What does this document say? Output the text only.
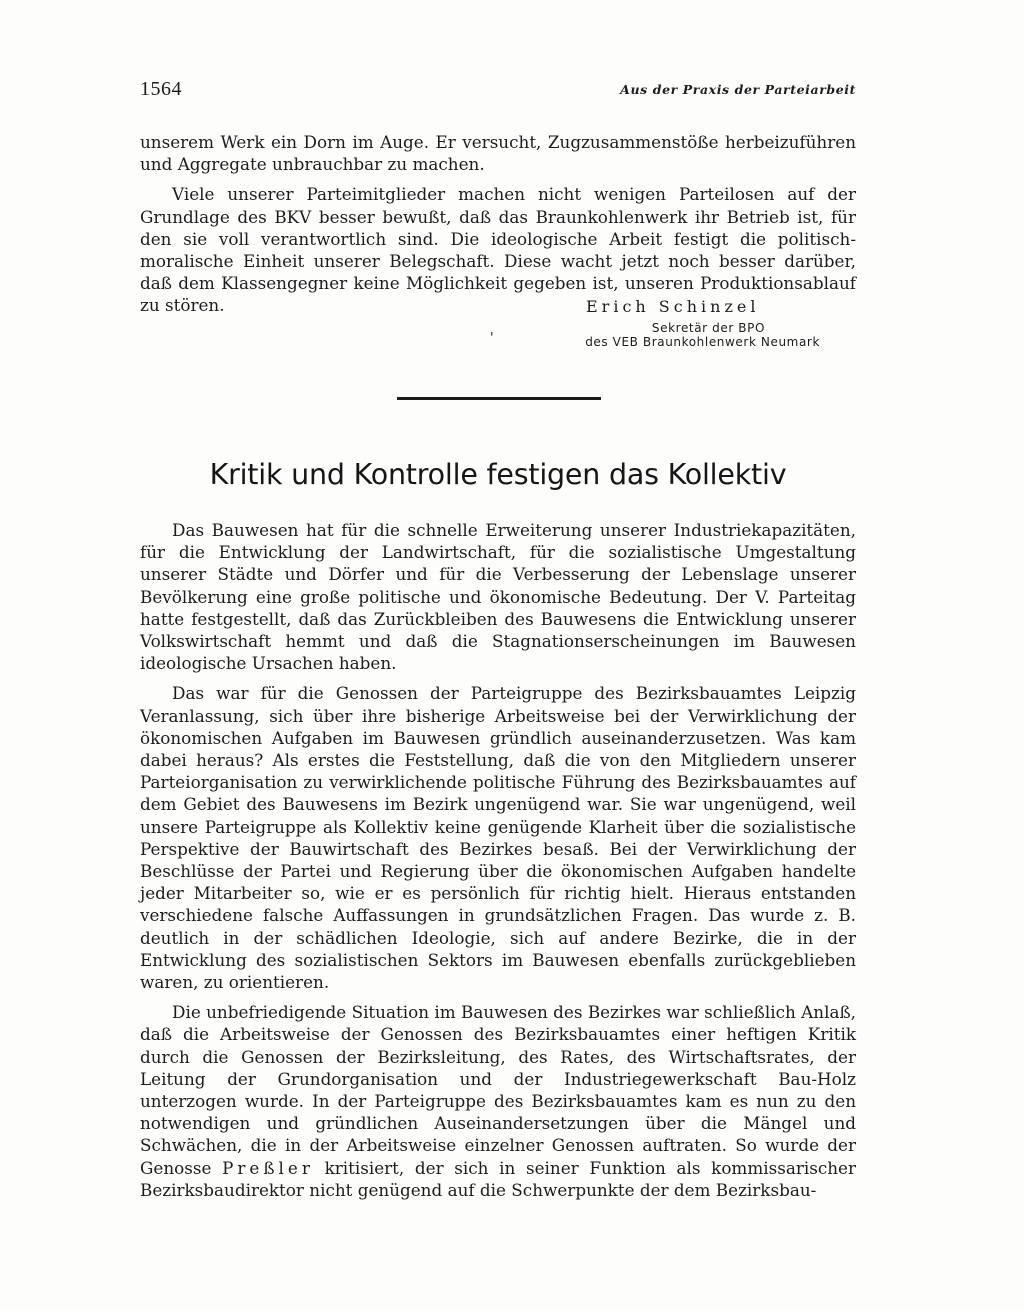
1564	Aus der Praxis der Parteiarbeit

unserem Werk ein Dorn im Auge. Er versucht, Zugzusammenstöße herbeizuführen und Aggregate unbrauchbar zu machen.

Viele unserer Parteimitglieder machen nicht wenigen Parteilosen auf der Grundlage des BKV besser bewußt, daß das Braunkohlenwerk ihr Betrieb ist, für den sie voll verantwortlich sind. Die ideologische Arbeit festigt die politisch-moralische Einheit unserer Belegschaft. Diese wacht jetzt noch besser darüber, daß dem Klassengegner keine Möglichkeit gegeben ist, unseren Produktionsablauf zu stören.

'
Erich Schinzel
Sekretär der BPO
des VEB Braunkohlenwerk Neumark
Kritik und Kontrolle festigen das Kollektiv

Das Bauwesen hat für die schnelle Erweiterung unserer Industriekapazitäten, für die Entwicklung der Landwirtschaft, für die sozialistische Umgestaltung unserer Städte und Dörfer und für die Verbesserung der Lebenslage unserer Bevölkerung eine große politische und ökonomische Bedeutung. Der V. Parteitag hatte festgestellt, daß das Zurückbleiben des Bauwesens die Entwicklung unserer Volkswirtschaft hemmt und daß die Stagnationserscheinungen im Bauwesen ideologische Ursachen haben.

Das war für die Genossen der Parteigruppe des Bezirksbauamtes Leipzig Veranlassung, sich über ihre bisherige Arbeitsweise bei der Verwirklichung der ökonomischen Aufgaben im Bauwesen gründlich auseinanderzusetzen. Was kam dabei heraus? Als erstes die Feststellung, daß die von den Mitgliedern unserer Parteiorganisation zu verwirklichende politische Führung des Bezirksbauamtes auf dem Gebiet des Bauwesens im Bezirk ungenügend war. Sie war ungenügend, weil unsere Parteigruppe als Kollektiv keine genügende Klarheit über die sozialistische Perspektive der Bauwirtschaft des Bezirkes besaß. Bei der Verwirklichung der Beschlüsse der Partei und Regierung über die ökonomischen Aufgaben handelte jeder Mitarbeiter so, wie er es persönlich für richtig hielt. Hieraus entstanden verschiedene falsche Auffassungen in grundsätzlichen Fragen. Das wurde z. B. deutlich in der schädlichen Ideologie, sich auf andere Bezirke, die in der Entwicklung des sozialistischen Sektors im Bauwesen ebenfalls zurückgeblieben waren, zu orientieren.

Die unbefriedigende Situation im Bauwesen des Bezirkes war schließlich Anlaß, daß die Arbeitsweise der Genossen des Bezirksbauamtes einer heftigen Kritik durch die Genossen der Bezirksleitung, des Rates, des Wirtschaftsrates, der Leitung der Grundorganisation und der Industriegewerkschaft Bau-Holz unterzogen wurde. In der Parteigruppe des Bezirksbauamtes kam es nun zu den notwendigen und gründlichen Auseinandersetzungen über die Mängel und Schwächen, die in der Arbeitsweise einzelner Genossen auftraten. So wurde der Genosse Preßler kritisiert, der sich in seiner Funktion als kommissarischer Bezirksbaudirektor nicht genügend auf die Schwerpunkte der dem Bezirksbau-
